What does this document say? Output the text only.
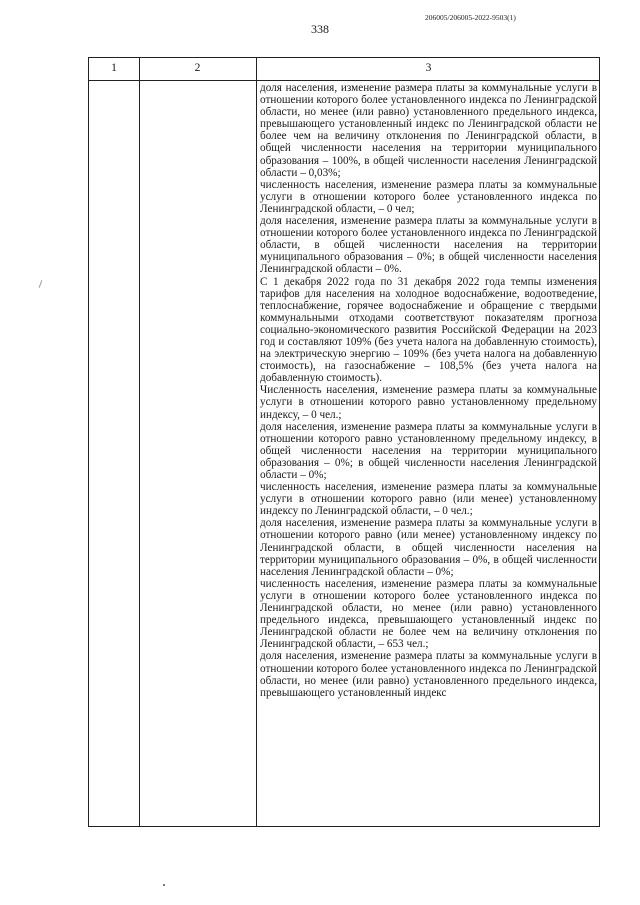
206005/206005-2022-9503(1)
338
1	2	3

доля населения, изменение размера платы за коммунальные услуги в отношении которого более установленного индекса по Ленинградской области, но менее (или равно) установленного предельного индекса, превышающего установленный индекс по Ленинградской области не более чем на величину отклонения по Ленинградской области, в общей численности населения на территории муниципального образования – 100%, в общей численности населения Ленинградской области – 0,03%;

численность населения, изменение размера платы за коммунальные услуги в отношении которого более установленного индекса по Ленинградской области, – 0 чел;

доля населения, изменение размера платы за коммунальные услуги в отношении которого более установленного индекса по Ленинградской области, в общей численности населения на территории муниципального образования – 0%; в общей численности населения Ленинградской области – 0%.

С 1 декабря 2022 года по 31 декабря 2022 года темпы изменения тарифов для населения на холодное водоснабжение, водоотведение, теплоснабжение, горячее водоснабжение и обращение с твердыми коммунальными отходами соответствуют показателям прогноза социально-экономического развития Российской Федерации на 2023 год и составляют 109% (без учета налога на добавленную стоимость), на электрическую энергию – 109% (без учета налога на добавленную стоимость), на газоснабжение – 108,5% (без учета налога на добавленную стоимость).

Численность населения, изменение размера платы за коммунальные услуги в отношении которого равно установленному предельному индексу, – 0 чел.;

доля населения, изменение размера платы за коммунальные услуги в отношении которого равно установленному предельному индексу, в общей численности населения на территории муниципального образования – 0%; в общей численности населения Ленинградской области – 0%;

численность населения, изменение размера платы за коммунальные услуги в отношении которого равно (или менее) установленному индексу по Ленинградской области, – 0 чел.;

доля населения, изменение размера платы за коммунальные услуги в отношении которого равно (или менее) установленному индексу по Ленинградской области, в общей численности населения на территории муниципального образования – 0%, в общей численности населения Ленинградской области – 0%;

численность населения, изменение размера платы за коммунальные услуги в отношении которого более установленного индекса по Ленинградской области, но менее (или равно) установленного предельного индекса, превышающего установленный индекс по Ленинградской области не более чем на величину отклонения по Ленинградской области, – 653 чел.;

доля населения, изменение размера платы за коммунальные услуги в отношении которого более установленного индекса по Ленинградской области, но менее (или равно) установленного предельного индекса, превышающего установленный индекс
